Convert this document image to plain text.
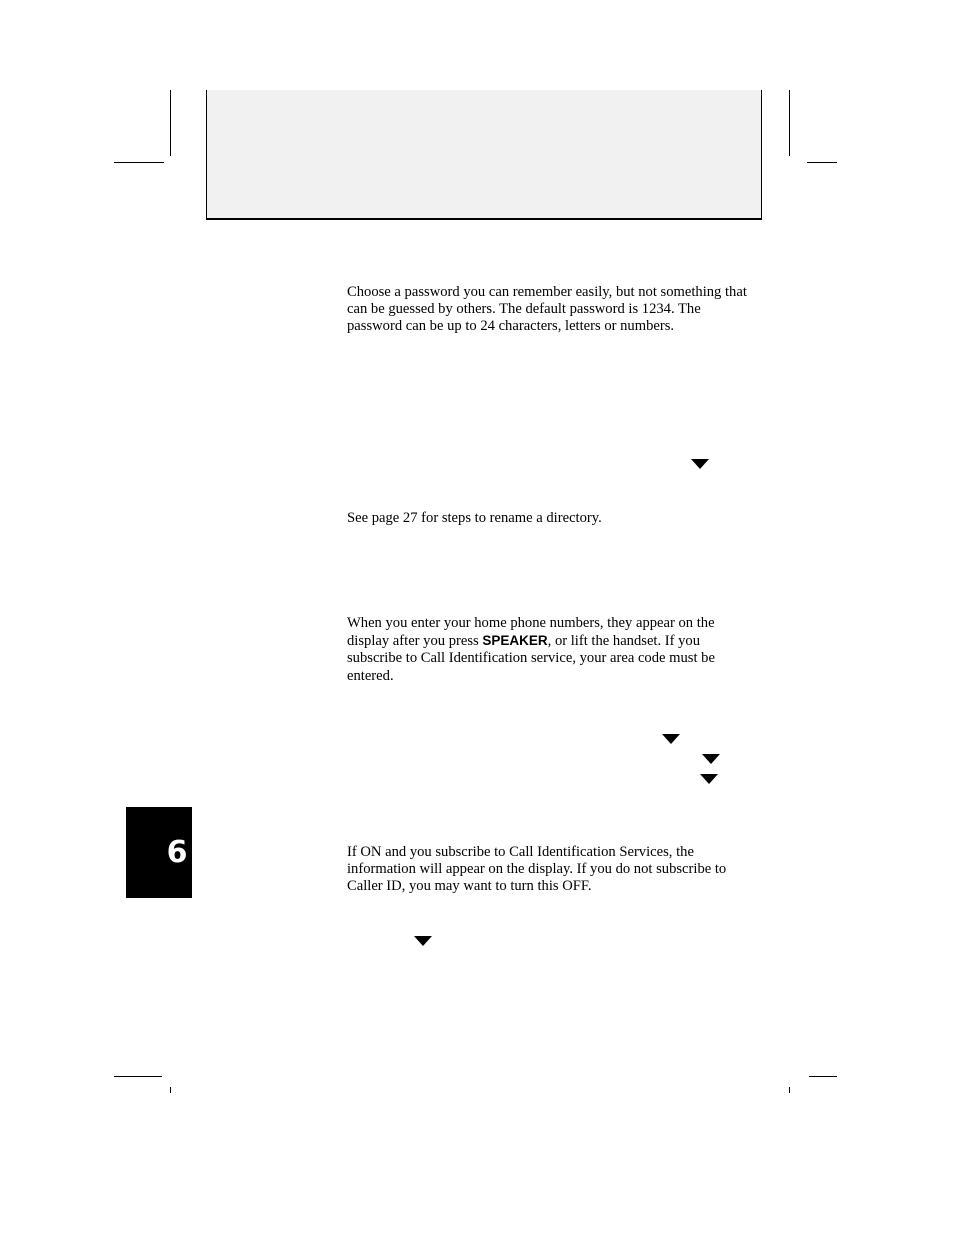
Choose a password you can remember easily, but not something that can be guessed by others. The default password is 1234. The password can be up to 24 characters, letters or numbers.

See page 27 for steps to rename a directory.

When you enter your home phone numbers, they appear on the display after you press SPEAKER, or lift the handset. If you subscribe to Call Identification service, your area code must be entered.

6	If ON and you subscribe to Call Identification Services, the information will appear on the display. If you do not subscribe to Caller ID, you may want to turn this OFF.
